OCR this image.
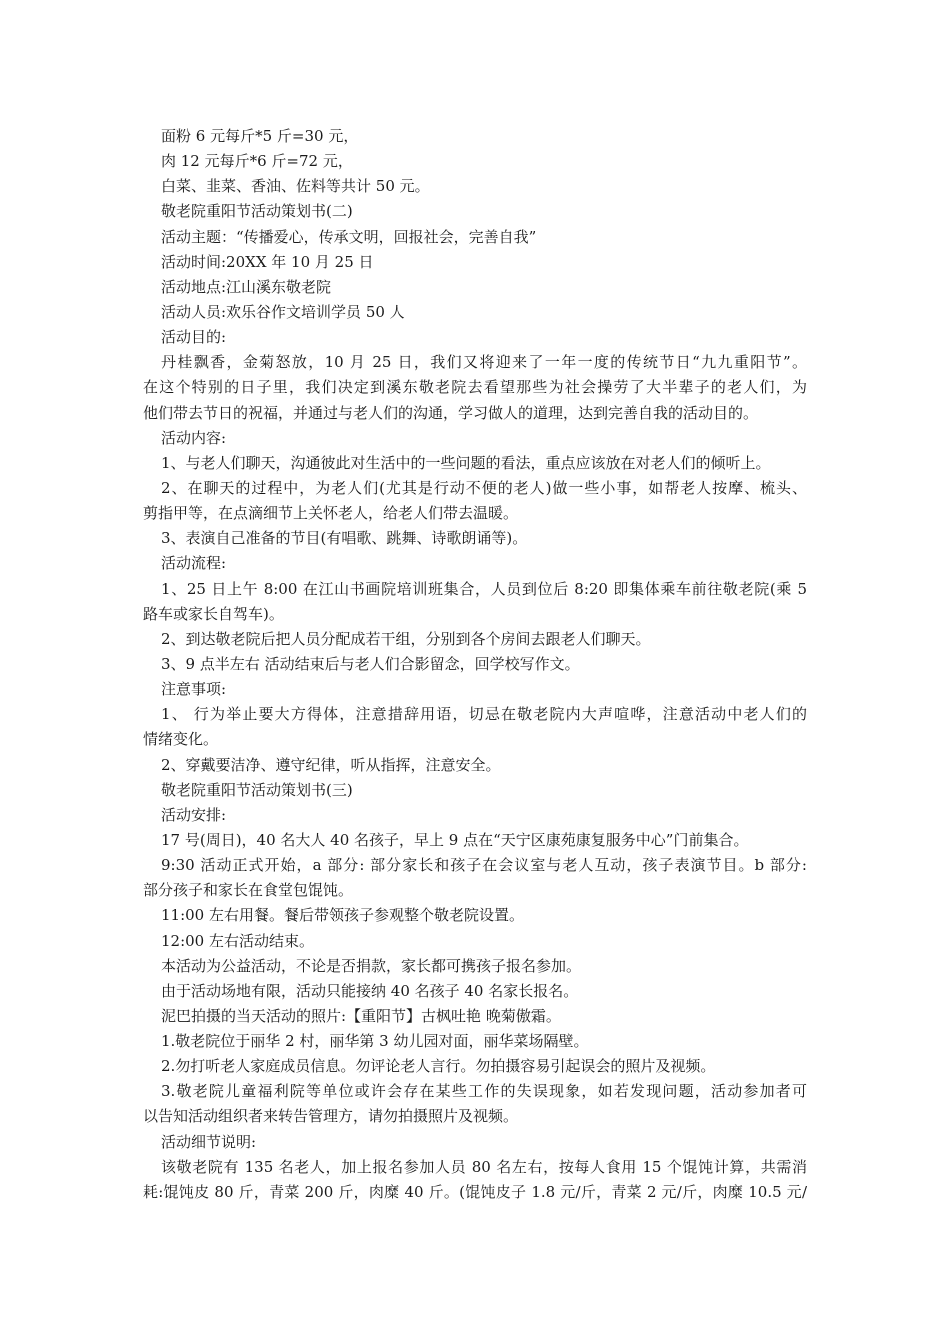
面粉 6 元每斤*5 斤=30 元，
肉 12 元每斤*6 斤=72 元，
白菜、韭菜、香油、佐料等共计 50 元。
敬老院重阳节活动策划书(二)
活动主题：“传播爱心，传承文明，回报社会，完善自我”
活动时间:20XX 年 10 月 25 日
活动地点:江山溪东敬老院
活动人员:欢乐谷作文培训学员 50 人
活动目的:
丹桂飘香，金菊怒放，10 月 25 日，我们又将迎来了一年一度的传统节日“九九重阳节”。
在这个特别的日子里，我们决定到溪东敬老院去看望那些为社会操劳了大半辈子的老人们，为
他们带去节日的祝福，并通过与老人们的沟通，学习做人的道理，达到完善自我的活动目的。
活动内容:
1、与老人们聊天，沟通彼此对生活中的一些问题的看法，重点应该放在对老人们的倾听上。
2、在聊天的过程中，为老人们(尤其是行动不便的老人)做一些小事，如帮老人按摩、梳头、
剪指甲等，在点滴细节上关怀老人，给老人们带去温暖。
3、表演自己准备的节目(有唱歌、跳舞、诗歌朗诵等)。
活动流程:
1、25 日上午 8:00 在江山书画院培训班集合，人员到位后 8:20 即集体乘车前往敬老院(乘 5
路车或家长自驾车)。
2、到达敬老院后把人员分配成若干组，分别到各个房间去跟老人们聊天。
3、9 点半左右 活动结束后与老人们合影留念，回学校写作文。
注意事项:
1、 行为举止要大方得体，注意措辞用语，切忌在敬老院内大声喧哗，注意活动中老人们的
情绪变化。
2、穿戴要洁净、遵守纪律，听从指挥，注意安全。
敬老院重阳节活动策划书(三)
活动安排:
17 号(周日)，40 名大人 40 名孩子，早上 9 点在“天宁区康苑康复服务中心”门前集合。
9:30 活动正式开始，a 部分: 部分家长和孩子在会议室与老人互动，孩子表演节目。b 部分:
部分孩子和家长在食堂包馄饨。
11:00 左右用餐。餐后带领孩子参观整个敬老院设置。
12:00 左右活动结束。
本活动为公益活动，不论是否捐款，家长都可携孩子报名参加。
由于活动场地有限，活动只能接纳 40 名孩子 40 名家长报名。
泥巴拍摄的当天活动的照片:【重阳节】古枫吐艳 晚菊傲霜。
1.敬老院位于丽华 2 村，丽华第 3 幼儿园对面，丽华菜场隔壁。
2.勿打听老人家庭成员信息。勿评论老人言行。勿拍摄容易引起误会的照片及视频。
3.敬老院儿童福利院等单位或许会存在某些工作的失误现象，如若发现问题，活动参加者可
以告知活动组织者来转告管理方，请勿拍摄照片及视频。
活动细节说明:
该敬老院有 135 名老人，加上报名参加人员 80 名左右，按每人食用 15 个馄饨计算，共需消
耗:馄饨皮 80 斤，青菜 200 斤，肉糜 40 斤。(馄饨皮子 1.8 元/斤，青菜 2 元/斤，肉糜 10.5 元/
